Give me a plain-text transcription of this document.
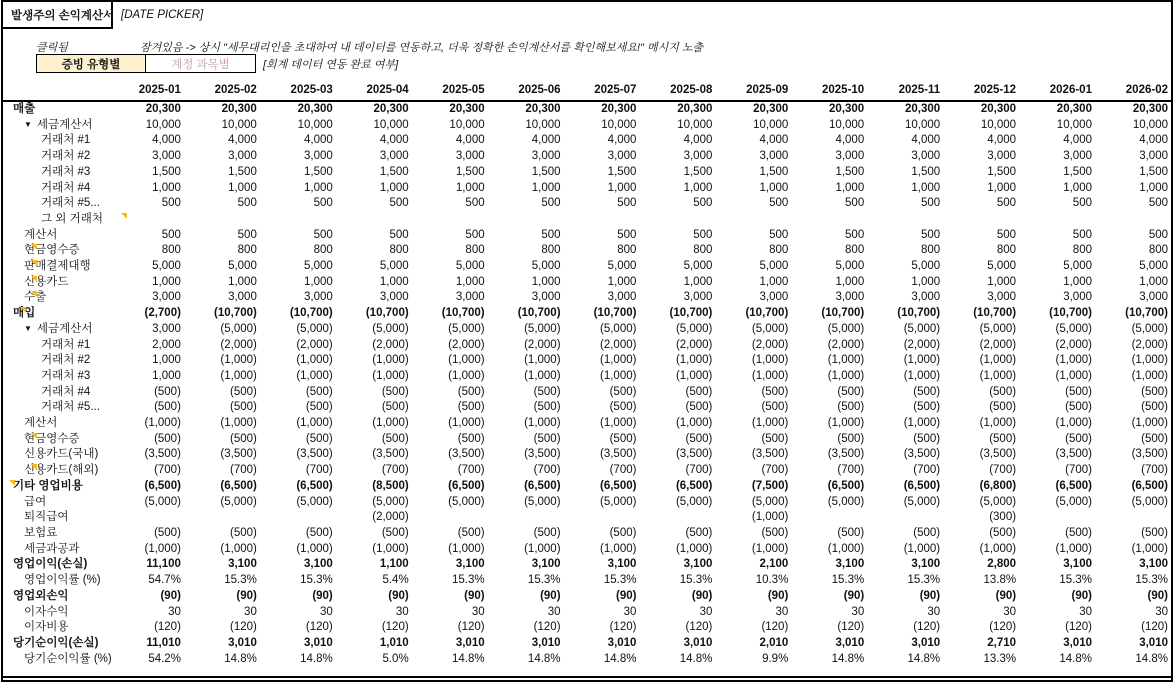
발생주의 손익계산서 [DATE PICKER]
클릭됨	잠겨있음 -> 상시 "세무대리인을 초대하여 내 데이터를 연동하고, 더욱 정확한 손익계산서를 확인해보세요!" 메시지 노출
증빙 유형별	계정 과목별	[회계 데이터 연동 완료 여부]
	2025-01	2025-02	2025-03	2025-04	2025-05	2025-06	2025-07	2025-08	2025-09	2025-10	2025-11	2025-12	2026-01	2026-02
매출	20,300	20,300	20,300	20,300	20,300	20,300	20,300	20,300	20,300	20,300	20,300	20,300	20,300	20,300
▼ 세금계산서	10,000	10,000	10,000	10,000	10,000	10,000	10,000	10,000	10,000	10,000	10,000	10,000	10,000	10,000
거래처 #1	4,000	4,000	4,000	4,000	4,000	4,000	4,000	4,000	4,000	4,000	4,000	4,000	4,000	4,000
거래처 #2	3,000	3,000	3,000	3,000	3,000	3,000	3,000	3,000	3,000	3,000	3,000	3,000	3,000	3,000
거래처 #3	1,500	1,500	1,500	1,500	1,500	1,500	1,500	1,500	1,500	1,500	1,500	1,500	1,500	1,500
거래처 #4	1,000	1,000	1,000	1,000	1,000	1,000	1,000	1,000	1,000	1,000	1,000	1,000	1,000	1,000
거래처 #5...	500	500	500	500	500	500	500	500	500	500	500	500	500	500
그 외 거래처

계산서	500	500	500	500	500	500	500	500	500	500	500	500	500	500
현금영수증	800	800	800	800	800	800	800	800	800	800	800	800	800	800
판매결제대행	5,000	5,000	5,000	5,000	5,000	5,000	5,000	5,000	5,000	5,000	5,000	5,000	5,000	5,000
신용카드	1,000	1,000	1,000	1,000	1,000	1,000	1,000	1,000	1,000	1,000	1,000	1,000	1,000	1,000
수출	3,000	3,000	3,000	3,000	3,000	3,000	3,000	3,000	3,000	3,000	3,000	3,000	3,000	3,000
매입	(2,700)	(10,700)	(10,700)	(10,700)	(10,700)	(10,700)	(10,700)	(10,700)	(10,700)	(10,700)	(10,700)	(10,700)	(10,700)	(10,700)
▼ 세금계산서	3,000	(5,000)	(5,000)	(5,000)	(5,000)	(5,000)	(5,000)	(5,000)	(5,000)	(5,000)	(5,000)	(5,000)	(5,000)	(5,000)
거래처 #1	2,000	(2,000)	(2,000)	(2,000)	(2,000)	(2,000)	(2,000)	(2,000)	(2,000)	(2,000)	(2,000)	(2,000)	(2,000)	(2,000)
거래처 #2	1,000	(1,000)	(1,000)	(1,000)	(1,000)	(1,000)	(1,000)	(1,000)	(1,000)	(1,000)	(1,000)	(1,000)	(1,000)	(1,000)
거래처 #3	1,000	(1,000)	(1,000)	(1,000)	(1,000)	(1,000)	(1,000)	(1,000)	(1,000)	(1,000)	(1,000)	(1,000)	(1,000)	(1,000)
거래처 #4	(500)	(500)	(500)	(500)	(500)	(500)	(500)	(500)	(500)	(500)	(500)	(500)	(500)	(500)
거래처 #5...	(500)	(500)	(500)	(500)	(500)	(500)	(500)	(500)	(500)	(500)	(500)	(500)	(500)	(500)
계산서	(1,000)	(1,000)	(1,000)	(1,000)	(1,000)	(1,000)	(1,000)	(1,000)	(1,000)	(1,000)	(1,000)	(1,000)	(1,000)	(1,000)
현금영수증	(500)	(500)	(500)	(500)	(500)	(500)	(500)	(500)	(500)	(500)	(500)	(500)	(500)	(500)
신용카드(국내)	(3,500)	(3,500)	(3,500)	(3,500)	(3,500)	(3,500)	(3,500)	(3,500)	(3,500)	(3,500)	(3,500)	(3,500)	(3,500)	(3,500)
신용카드(해외)	(700)	(700)	(700)	(700)	(700)	(700)	(700)	(700)	(700)	(700)	(700)	(700)	(700)	(700)
기타 영업비용	(6,500)	(6,500)	(6,500)	(8,500)	(6,500)	(6,500)	(6,500)	(6,500)	(7,500)	(6,500)	(6,500)	(6,800)	(6,500)	(6,500)
급여	(5,000)	(5,000)	(5,000)	(5,000)	(5,000)	(5,000)	(5,000)	(5,000)	(5,000)	(5,000)	(5,000)	(5,000)	(5,000)	(5,000)
퇴직급여				(2,000)					(1,000)			(300)		
보험료	(500)	(500)	(500)	(500)	(500)	(500)	(500)	(500)	(500)	(500)	(500)	(500)	(500)	(500)
세금과공과	(1,000)	(1,000)	(1,000)	(1,000)	(1,000)	(1,000)	(1,000)	(1,000)	(1,000)	(1,000)	(1,000)	(1,000)	(1,000)	(1,000)
영업이익(손실)	11,100	3,100	3,100	1,100	3,100	3,100	3,100	3,100	2,100	3,100	3,100	2,800	3,100	3,100
영업이익률 (%)	54.7%	15.3%	15.3%	5.4%	15.3%	15.3%	15.3%	15.3%	10.3%	15.3%	15.3%	13.8%	15.3%	15.3%
영업외손익	(90)	(90)	(90)	(90)	(90)	(90)	(90)	(90)	(90)	(90)	(90)	(90)	(90)	(90)
이자수익	30	30	30	30	30	30	30	30	30	30	30	30	30	30
이자비용	(120)	(120)	(120)	(120)	(120)	(120)	(120)	(120)	(120)	(120)	(120)	(120)	(120)	(120)
당기순이익(손실)	11,010	3,010	3,010	1,010	3,010	3,010	3,010	3,010	2,010	3,010	3,010	2,710	3,010	3,010
당기순이익률 (%)	54.2%	14.8%	14.8%	5.0%	14.8%	14.8%	14.8%	14.8%	9.9%	14.8%	14.8%	13.3%	14.8%	14.8%
